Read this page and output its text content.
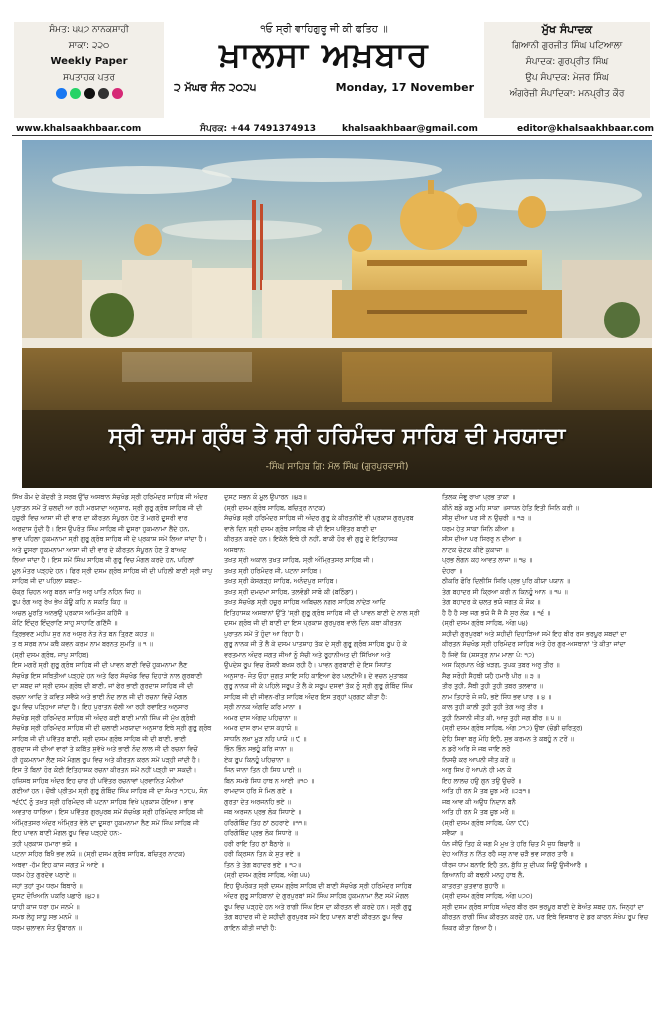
ਸੰਮਤ: ੫੫੭ ਨਾਨਕਸ਼ਾਹੀ
ਸਾਕਾ: ੨੨੦
Weekly Paper
ਸਪਤਾਹਕ ਪਤਰ
੧ਓ ਸ੍ਰੀ ਵਾਹਿਗੁਰੂ ਜੀ ਕੀ ਫਤਿਹ ॥
ਖ਼ਾਲਸਾ ਅਖ਼ਬਾਰ
੨ ਮੱਘਰ ਸੰਨ ੨੦੨੫	Monday, 17 November
ਮੁੱਖ ਸੰਪਾਦਕ
ਗਿਆਨੀ ਗੁਰਜੀਤ ਸਿੰਘ ਪਟਿਆਲਾ
ਸੰਪਾਦਕ: ਗੁਰਪ੍ਰੀਤ ਸਿੰਘ
ਉਪ ਸੰਪਾਦਕ: ਮੇਜਰ ਸਿੰਘ
ਅੰਗਰੇਜ਼ੀ ਸੰਪਾਦਿਕਾ: ਮਨਪ੍ਰੀਤ ਕੌਰ
www.khalsaakhbaar.com	ਸੰਪਰਕ: +44 7491374913	khalsaakhbaar@gmail.com	editor@khalsaakhbaar.com
ਸ੍ਰੀ ਦਸਮ ਗ੍ਰੰਥ ਤੇ ਸ੍ਰੀ ਹਰਿਮੰਦਰ ਸਾਹਿਬ ਦੀ ਮਰਯਾਦਾ
-ਸਿੰਘ ਸਾਹਿਬ ਗਿ: ਮੱਲ ਸਿੰਘ (ਗੁਰਪੁਰਵਾਸੀ)

ਸਿੱਖ ਕੌਮ ਦੇ ਕੇਂਦਰੀ ਤੇ ਸਰਬ ਉੱਚ ਅਸਥਾਨ ਸੱਚਖੰਡ ਸ੍ਰੀ ਹਰਿਮੰਦਰ ਸਾਹਿਬ ਜੀ ਅੰਦਰ

ਪੁਰਾਤਨ ਸਮੇਂ ਤੋਂ ਚਲਦੀ ਆ ਰਹੀ ਮਰਯਾਦਾ ਅਨੁਸਾਰ, ਸ੍ਰੀ ਗੁਰੂ ਗ੍ਰੰਥ ਸਾਹਿਬ ਜੀ ਦੀ

ਹਜ਼ੂਰੀ ਵਿਚ ਆਸਾ ਜੀ ਦੀ ਵਾਰ ਦਾ ਕੀਰਤਨ ਸੰਪੂਰਨ ਹੋਣ ਤੋਂ ਮਗਰੋਂ ਦੂਸਰੀ ਵਾਰ

ਅਰਦਾਸ ਹੁੰਦੀ ਹੈ। ਇਸ ਉਪਰੰਤ ਸਿੰਘ ਸਾਹਿਬ ਜੀ ਦੂਸਰਾ ਹੁਕਮਨਾਮਾ ਲੈਂਦੇ ਹਨ,

ਭਾਵ ਪਹਿਲਾ ਹੁਕਮਨਾਮਾ ਸ੍ਰੀ ਗੁਰੂ ਗ੍ਰੰਥ ਸਾਹਿਬ ਜੀ ਦੇ ਪ੍ਰਕਾਸ਼ ਸਮੇਂ ਲਿਆ ਜਾਂਦਾ ਹੈ।

ਅਤੇ ਦੂਸਰਾ ਹੁਕਮਨਾਮਾ ਆਸਾ ਜੀ ਦੀ ਵਾਰ ਦੇ ਕੀਰਤਨ ਸੰਪੂਰਨ ਹੋਣ ਤੋਂ ਬਾਅਦ

ਲਿਆ ਜਾਂਦਾ ਹੈ। ਇਸ ਸਮੇਂ ਸਿੰਘ ਸਾਹਿਬ ਜੀ ਗੁਰੂ ਵਿਚ ਮੰਗਲ ਕਰਦੇ ਹਨ, ਪਹਿਲਾਂ

ਮੂਲ ਮੰਤਰ ਪੜ੍ਹਦੇ ਹਨ। ਫਿਰ ਸ੍ਰੀ ਦਸਮ ਗ੍ਰੰਥ ਸਾਹਿਬ ਜੀ ਦੀ ਪਹਿਲੀ ਬਾਣੀ ਸ੍ਰੀ ਜਾਪੁ

ਸਾਹਿਬ ਜੀ ਦਾ ਪਹਿਲਾ ਸ਼ਬਦ:-

ਚੱਕ੍ਰ ਚਿਹਨ ਅਰੁ ਬਰਨ ਜਾਤਿ ਅਰੁ ਪਾਤਿ ਨਹਿਨ ਜਿਹ ॥

ਰੂਪ ਰੰਗ ਅਰੁ ਰੇਖ ਭੇਖ ਕੋਊ ਕਹਿ ਨ ਸਕਤਿ ਕਿਹ ॥

ਅਚਲ ਮੂਰਤਿ ਅਨਭਉ ਪ੍ਰਕਾਸ ਅਮਿਤੋਜ ਕਹਿੱਜੈ ॥

ਕੋਟਿ ਇੰਦ੍ਰ ਇੰਦ੍ਰਾਣਿ ਸਾਹੁ ਸਾਹਾਣਿ ਗਣਿੱਜੈ ॥

ਤ੍ਰਿਭਵਣ ਮਹੀਪ ਸੁਰ ਨਰ ਅਸੁਰ ਨੇਤ ਨੇਤ ਬਨ ਤ੍ਰਿਣ ਕਹਤ ॥

ਤ ਥ ਸਰਬ ਨਾਮ ਕਥੈ ਕਵਨ ਕਰਮ ਨਾਮ ਬਰਨਤ ਸੁਮਤਿ ॥ ੧ ॥

(ਸ੍ਰੀ ਦਸਮ ਗ੍ਰੰਥ, ਜਾਪੁ ਸਾਹਿਬ)

ਇਸ ਮਗਰੋਂ ਸ੍ਰੀ ਗੁਰੂ ਗ੍ਰੰਥ ਸਾਹਿਬ ਜੀ ਦੀ ਪਾਵਨ ਬਾਣੀ ਵਿਚੋਂ ਹੁਕਮਨਾਮਾ ਲੈਣ

ਸੱਚਖੰਡ ਇਸ ਸਥਿਤੀਆਂ ਪੜ੍ਹਦੇ ਹਨ ਅਤੇ ਫਿਰ ਸੱਚਖੰਡ ਵਿਚ ਦਿਹਾੜੇ ਨਾਲ ਗੁਰਬਾਣੀ

ਦਾ ਸ਼ਬਦ ਜਾਂ ਸ੍ਰੀ ਦਸਮ ਗ੍ਰੰਥ ਦੀ ਬਾਣੀ, ਜਾਂ ਫੇਰ ਭਾਈ ਗੁਰਦਾਸ ਸਾਹਿਬ ਜੀ ਦੀ

ਰਚਨਾ ਆਦਿ ਤੇ ਕਵਿਤ ਸਵੈਯੇ ਅਤੇ ਭਾਈ ਨੰਦ ਲਾਲ ਜੀ ਦੀ ਰਚਨਾ ਵਿਚੋਂ ਮੰਗਲ

ਰੂਪ ਵਿਚ ਪੜ੍ਹਿਆ ਜਾਂਦਾ ਹੈ। ਇਹ ਪੁਰਾਤਨ ਚੱਲੀ ਆ ਰਹੀ ਰਵਾਇਤ ਅਨੁਸਾਰ

ਸੱਚਖੰਡ ਸ੍ਰੀ ਹਰਿਮੰਦਰ ਸਾਹਿਬ ਜੀ ਅੰਦਰ ਕਈ ਬਾਣੀ ਮਾਨੀ ਸਿੰਘ ਜੀ ਮੁੱਖ ਗ੍ਰੰਥੀ

ਸੱਚਖੰਡ ਸ੍ਰੀ ਹਰਿਮੰਦਰ ਸਾਹਿਬ ਜੀ ਦੀ ਚਲਾਈ ਮਰਯਾਦਾ ਅਨੁਸਾਰ ਇਥੇ ਸ੍ਰੀ ਗੁਰੂ ਗ੍ਰੰਥ

ਸਾਹਿਬ ਜੀ ਦੀ ਪਵਿੱਤਰ ਬਾਣੀ, ਸ੍ਰੀ ਦਸਮ ਗ੍ਰੰਥ ਸਾਹਿਬ ਜੀ ਦੀ ਬਾਣੀ, ਭਾਈ

ਗੁਰਦਾਸ ਜੀ ਦੀਆਂ ਵਾਰਾਂ ਤੇ ਕਬਿੱਤ ਸੁਵੱਖੇ ਅਤੇ ਭਾਈ ਨੰਦ ਲਾਲ ਜੀ ਦੀ ਰਚਨਾ ਵਿਚੋਂ

ਹੀ ਹੁਕਮਨਾਮਾ ਲੈਣ ਸਮੇਂ ਮੰਗਲ ਰੂਪ ਵਿਚ ਅਤੇ ਕੀਰਤਨ ਕਰਨ ਸਮੇਂ ਪੜ੍ਹੀ ਜਾਂਦੀ ਹੈ।

ਇਸ ਤੋਂ ਬਿਨਾਂ ਹੋਰ ਕੋਈ ਇਤਿਹਾਸਕ ਰਚਨਾ ਕੀਰਤਨ ਸਮੇਂ ਨਹੀਂ ਪੜ੍ਹੀ ਜਾ ਸਕਦੀ।

ਹਜ਼ਿਸਥ ਸਾਹਿਬ ਅੰਦਰ ਇਹ ਚਾਰ ਹੀ ਪਵਿੱਤਰ ਰਚਨਾਵਾਂ ਪ੍ਰਵਾਨਿਤ ਮੰਨੀਆਂ

ਗਈਆਂ ਹਨ। ਚੌਥੀ ਪ੍ਰੀਤਮ ਸ੍ਰੀ ਗੁਰੂ ਗੋਬਿੰਦ ਸਿੰਘ ਸਾਹਿਬ ਜੀ ਦਾ ਸੰਮਤ ੧੭੮੫, ਸੰਨ

੧੬੯੯ ਨੂੰ ਤਖ਼ਤ ਸ੍ਰੀ ਹਰਿਮੰਦਰ ਜੀ ਪਟਨਾ ਸਾਹਿਬ ਵਿਖੇ ਪ੍ਰਕਾਸ਼ ਹੋਇਆ। ਭਾਵ

ਅਵਤਾਰ ਧਾਰਿਆ। ਇਸ ਪਵਿੱਤਰ ਗੁਰਪੁਰਬ ਸਮੇਂ ਸੱਚਖੰਡ ਸ੍ਰੀ ਹਰਿਮੰਦਰ ਸਾਹਿਬ ਜੀ

ਅੰਮ੍ਰਿਤਸਰ ਅੰਦਰ ਅੰਮ੍ਰਿਤ ਵੇਲੇ ਦਾ ਦੂਸਰਾ ਹੁਕਮਨਾਮਾ ਲੈਣ ਸਮੇਂ ਸਿੰਘ ਸਾਹਿਬ ਜੀ

ਇਹ ਪਾਵਨ ਬਾਣੀ ਮੰਗਲ ਰੂਪ ਵਿਚ ਪੜ੍ਹਦੇ ਹਨ:-

ਤਹੀ ਪ੍ਰਕਾਸ ਹਮਾਰਾ ਭਯੋ ॥

ਪਟਨਾ ਸਹਿਰ ਬਿਖੈ ਭਵ ਲਯੋ ॥ (ਸ੍ਰੀ ਦਸਮ ਗ੍ਰੰਥ ਸਾਹਿਬ, ਬਚਿਤ੍ਰ ਨਾਟਕ)

ਅਥਵਾ -ਹੱਮ ਇਹ ਕਾਜ ਜਗਤ ਮੋ ਆਏ ॥

ਧਰਮ ਹੇਤ ਗੁਰਦੇਵ ਪਠਾਏ ॥

ਜਹਾਂ ਤਹਾਂ ਤੁਮ ਧਰਮ ਬਿਥਾਰੋ ॥

ਦੁਸਟ ਦੋਖਿਅਨਿ ਪਕਰਿ ਪਛਾਰੋ ॥੪੨॥

ਯਾਹੀ ਕਾਜ ਧਰਾ ਹਮ ਜਨਮੰ ॥

ਸਮਝ ਲੇਹੁ ਸਾਧੂ ਸਭ ਮਨਮੰ ॥

ਧਰਮ ਚਲਾਵਨ ਸੰਤ ਉਬਾਰਨ ॥

ਦੁਸਟ ਸਭਨ ਕੋ ਮੂਲ ਉਪਾਰਨ ॥੪੩॥

(ਸ੍ਰੀ ਦਸਮ ਗ੍ਰੰਥ ਸਾਹਿਬ, ਬਚਿਤ੍ਰ ਨਾਟਕ)

ਸੱਚਖੰਡ ਸ੍ਰੀ ਹਰਿਮੰਦਰ ਸਾਹਿਬ ਜੀ ਅੰਦਰ ਗੁਰੂ ਕੇ ਕੀਰਤਨੀਏ ਵੀ ਪ੍ਰਕਾਸ਼ ਗੁਰਪੁਰਬ

ਵਾਲੇ ਦਿਨ ਸ੍ਰੀ ਦਸਮ ਗ੍ਰੰਥ ਸਾਹਿਬ ਜੀ ਦੀ ਇਸ ਪਵਿੱਤਰ ਬਾਣੀ ਦਾ

ਕੀਰਤਨ ਕਰਦੇ ਹਨ। ਇਕੱਲੇ ਇਥੇ ਹੀ ਨਹੀਂ, ਬਾਕੀ ਹੋਰ ਵੀ ਗੁਰੂ ਦੇ ਇਤਿਹਾਸਕ

ਅਸਥਾਨ:

ਤਖ਼ਤ ਸ੍ਰੀ ਅਕਾਲ ਤਖ਼ਤ ਸਾਹਿਬ, ਸ੍ਰੀ ਅੰਮ੍ਰਿਤਸਰ ਸਾਹਿਬ ਜੀ।

ਤਖ਼ਤ ਸ੍ਰੀ ਹਰਿਮੰਦਰ ਜੀ, ਪਟਨਾ ਸਾਹਿਬ।

ਤਖ਼ਤ ਸ੍ਰੀ ਕੇਸਗੜ੍ਹ ਸਾਹਿਬ, ਅਨੰਦਪੁਰ ਸਾਹਿਬ।

ਤਖ਼ਤ ਸ੍ਰੀ ਦਮਦਮਾ ਸਾਹਿਬ, ਤਲਵੰਡੀ ਸਾਬੋ ਕੀ (ਬਠਿੰਡਾ)।

ਤਖ਼ਤ ਸੱਚਖੰਡ ਸ੍ਰੀ ਹਜ਼ੂਰ ਸਾਹਿਬ ਅਬਿਚਲ ਨਗਰ ਸਾਹਿਬ ਨਾਂਦੇੜ ਆਦਿ

ਇਤਿਹਾਸਕ ਅਸਥਾਨਾਂ ਉੱਤੇ 'ਸ੍ਰੀ ਗੁਰੂ ਗ੍ਰੰਥ ਸਾਹਿਬ ਜੀ ਦੀ ਪਾਵਨ ਬਾਣੀ ਦੇ ਨਾਲ ਸ੍ਰੀ

ਦਸਮ ਗ੍ਰੰਥ ਜੀ ਦੀ ਬਾਣੀ ਦਾ ਇਸ ਪ੍ਰਕਾਸ਼ ਗੁਰਪੁਰਬ ਵਾਲੇ ਦਿਨ ਕਥਾ ਕੀਰਤਨ

ਪੁਰਾਤਨ ਸਮੇਂ ਤੋਂ ਹੁੰਦਾ ਆ ਰਿਹਾ ਹੈ।

ਗੁਰੂ ਨਾਨਕ ਜੀ ਤੋਂ ਲੈ ਕੇ ਦਸਮ ਪਾਤਸ਼ਾਹ ਤੱਕ ਦੇ ਸ੍ਰੀ ਗੁਰੂ ਗ੍ਰੰਥ ਸਾਹਿਬ ਰੂਪ ਹੋ ਕੇ

ਵਰਤਮਾਨ ਅੰਦਰ ਜਗਤ ਜੀਆਂ ਨੂੰ ਸੱਚੀ ਅਤੇ ਰੂਹਾਨੀਅਤ ਦੀ ਸਿੱਖਿਆ ਅਤੇ

ਉਪਦੇਸ਼ ਰੂਪ ਵਿਚ ਰੋਸ਼ਨੀ ਬਖਸ਼ ਰਹੀ ਹੈ। ਪਾਵਨ ਗੁਰਬਾਣੀ ਦੇ ਇਸ ਸਿਧਾਂਤ

ਅਨੁਸਾਰ- ਜੋਤ ਓਹਾ ਜੁਗਤ ਸਾਇ ਸਹਿ ਕਾਇਆ ਫੇਰ ਪਲਟੀਐ॥ ਦੇ ਵਚਨ ਮੁਤਾਬਕ

ਗੁਰੂ ਨਾਨਕ ਜੀ ਕੇ ਪਹਿਲੇ ਸਰੂਪ ਤੋਂ ਲੈ ਕੇ ਸਰੂਪ ਦਸਵਾਂ ਤੱਕ ਨੂੰ ਸ੍ਰੀ ਗੁਰੂ ਗੋਬਿੰਦ ਸਿੰਘ

ਸਾਹਿਬ ਜੀ ਦੀ ਜੀਵਨ-ਰੀਤ ਸਾਹਿਬ ਅੰਦਰ ਇਸ ਤਰ੍ਹਾਂ ਪ੍ਰਗਟ ਕੀਤਾ ਹੈ:

ਸ੍ਰੀ ਨਾਨਕ ਅੰਗਦਿ ਕਰਿ ਮਾਨਾ ॥

ਅਮਰ ਦਾਸ ਅੰਗਦ ਪਹਿਚਾਨਾ ॥

ਅਮਰ ਦਾਸ ਰਾਮ ਦਾਸ ਕਹਾਯੋ ॥

ਸਾਧਨਿ ਲਖਾ ਮੂੜ ਨਹਿ ਪਾਯੋ ॥ ੯ ॥

ਭਿੰਨ ਭਿੰਨ ਸਭਹੂੰ ਕਰਿ ਜਾਨਾ ॥

ਏਕ ਰੂਪ ਕਿਨਹੂੰ ਪਹਿਚਾਨਾ ॥

ਜਿਨ ਜਾਨਾ ਤਿਨ ਹੀ ਸਿਧ ਪਾਈ ॥

ਬਿਨ ਸਮਝੇ ਸਿਧ ਹਾਥ ਨ ਆਈ ॥੧੦ ॥

ਰਾਮਦਾਸ ਹਰਿ ਸੋ ਮਿਲ ਗਏ ॥

ਗੁਰਤਾ ਦੇਤ ਅਰਜਨਹਿ ਭਏ ॥

ਜਬ ਅਰਜਨ ਪ੍ਰਭ ਲੋਕ ਸਿਧਾਏ ॥

ਹਰਿਗੋਬਿੰਦ ਤਿਹ ਠਾਂ ਠਹਰਾਏ ॥੧੧॥

ਹਰਿਗੋਬਿੰਦ ਪ੍ਰਭ ਲੋਕ ਸਿਧਾਰੇ ॥

ਹਰੀ ਰਾਇ ਤਿਹ ਠਾਂ ਬੈਠਾਰੇ ॥

ਹਰੀ ਕ੍ਰਿਸਨ ਤਿਨ ਕੇ ਸੁਤ ਵਏ ॥

ਤਿਨ ਤੇ ਤੇਗ ਬਹਾਦਰ ਭਏ ॥ ੧੨॥

(ਸ੍ਰੀ ਦਸਮ ਗ੍ਰੰਥ ਸਾਹਿਬ, ਅੰਗ ੫੫)

ਇਹ ਉਪਰੋਕਤ ਸ੍ਰੀ ਦਸਮ ਗ੍ਰੰਥ ਸਾਹਿਬ ਦੀ ਬਾਣੀ ਸੱਚਖੰਡ ਸ੍ਰੀ ਹਰਿਮੰਦਰ ਸਾਹਿਬ

ਅੰਦਰ ਗੁਰੂ ਸਾਹਿਬਾਨਾਂ ਦੇ ਗੁਰਪੁਰਬਾਂ ਸਮੇਂ ਸਿੰਘ ਸਾਹਿਬ ਹੁਕਮਨਾਮਾ ਲੈਣ ਸਮੇਂ ਮੰਗਲ

ਰੂਪ ਵਿਚ ਪੜ੍ਹਦੇ ਹਨ ਅਤੇ ਰਾਗੀ ਸਿੰਘ ਇਸ ਦਾ ਕੀਰਤਨ ਵੀ ਕਰਦੇ ਹਨ। ਸ੍ਰੀ ਗੁਰੂ

ਤੇਗ ਬਹਾਦਰ ਜੀ ਦੇ ਸ਼ਹੀਦੀ ਗੁਰਪੁਰਬ ਸਮੇਂ ਇਹ ਪਾਵਨ ਬਾਣੀ ਕੀਰਤਨ ਰੂਪ ਵਿਚ

ਗਾਇਨ ਕੀਤੀ ਜਾਂਦੀ ਹੈ:

ਤਿਲਕ ਜੰਞੂ ਰਾਖਾ ਪ੍ਰਭ ਤਾਕਾ ॥

ਕੀਨੋ ਬਡੋ ਕਲੂ ਮਹਿ ਸਾਕਾ ॥ਸਾਧਨ ਹੇਤਿ ਇਤੀ ਜਿਨਿ ਕਰੀ ॥

ਸੀਸੁ ਦੀਆ ਪਰ ਸੀ ਨ ਉਚਰੀ ॥ ੧੩ ॥

ਧਰਮ ਹੇਤ ਸਾਕਾ ਜਿਨਿ ਕੀਆ ॥

ਸੀਸ ਦੀਆ ਪਰ ਸਿਰਰੁ ਨ ਦੀਆ ॥

ਨਾਟਕ ਚੇਟਕ ਕੀਏ ਕੁਕਾਜਾ ॥

ਪ੍ਰਭ ਲੋਗਨ ਕਹ ਆਵਤ ਲਾਜਾ ॥ ੧੪ ॥

ਦੋਹਰਾ ॥

ਠੀਕਰਿ ਫੋਰਿ ਦਿਲੀਸਿ ਸਿਰਿ ਪ੍ਰਭ ਪੁਰਿ ਕੀਯਾ ਪਯਾਨ ॥

ਤੇਗ ਬਹਾਦਰ ਸੀ ਕ੍ਰਿਆ ਕਰੀ ਨ ਕਿਨਹੂੰ ਆਨ ॥ ੧੫ ॥

ਤੇਗ ਬਹਾਦਰ ਕੇ ਚਲਤ ਭਯੋ ਜਗਤ ਕੋ ਸੋਕ ॥

ਹੈ ਹੈ ਹੈ ਸਭ ਜਗ ਭਯੋ ਜੈ ਜੈ ਜੈ ਸੁਰ ਲੋਕ ॥ ੧੬ ॥

(ਸ੍ਰੀ ਦਸਮ ਗ੍ਰੰਥ ਸਾਹਿਬ, ਅੰਗ ੫੪)

ਸ਼ਹੀਦੀ ਗੁਰਪੁਰਬਾਂ ਅਤੇ ਸ਼ਹੀਦੀ ਦਿਹਾੜਿਆਂ ਸਮੇਂ ਇਹ ਬੀਰ ਰਸ ਭਰਪੂਰ ਸ਼ਬਦਾਂ ਦਾ

ਕੀਰਤਨ ਸੱਚਖੰਡ ਸ੍ਰੀ ਹਰਿਮੰਦਰ ਸਾਹਿਬ ਅਤੇ ਹੋਰ ਗੁਰ-ਅਸਥਾਨਾਂ 'ਤੇ ਕੀਤਾ ਜਾਂਦਾ

ਹੈ ਜਿਵੇਂ ਕਿ (ਸ਼ਸਤ੍ਰ ਨਾਮ ਮਾਲਾ ਪੰ: ੧੭)

ਅਸ ਕ੍ਰਿਪਾਨ ਖੰਡੋ ਖੜਗ, ਤੁਪਕ ਤਬਰ ਅਰੁ ਤੀਰ ॥

ਸੈਫ ਸਰੋਹੀ ਸੈਹਥੀ ਯਹੈ ਹਮਾਰੈ ਪੀਰ ॥ ੩ ॥

ਤੀਰ ਤੁਹੀ, ਸੈਥੀ ਤੁਹੀ ਤੁਹੀ ਤਬਰ ਤਲਵਾਰ ॥

ਨਾਮ ਤਿਹਾਰੋ ਜੋ ਜਪੈ, ਭਏ ਸਿੰਧ ਭਵ ਪਾਰ ॥ ੪ ॥

ਕਾਲ ਤੁਹੀ ਕਾਲੀ ਤੁਹੀ ਤੁਹੀ ਤੇਗ ਅਰੁ ਤੀਰ ॥

ਤੁਹੀ ਨਿਸਾਨੀ ਜੀਤ ਕੀ, ਆਜੁ ਤੁਹੀ ਜਗ ਬੀਰ ॥ ੫ ॥

(ਸ੍ਰੀ ਦਸਮ ਗ੍ਰੰਥ ਸਾਹਿਬ, ਅੰਗ ੭੧੭) ਉਥਾ (ਚੰਡੀ ਚਰਿਤ੍ਰ)

ਦੇਹਿ ਸਿਵਾ ਬਰੁ ਮੋਹਿ ਇਹੈ, ਸੁਭ ਕਰਮਨ ਤੇ ਕਬਹੂੰ ਨ ਟਰੋਂ ॥

ਨ ਡਰੋਂ ਅਰਿ ਸੋ ਜਬ ਜਾਇ ਲਰੋਂ

ਨਿਸਚੈ ਕਰ ਆਪਨੀ ਜੀਤ ਕਰੋਂ ॥

ਅਰੁ ਸਿਖ ਹੋਂ ਆਪਨੇ ਹੀ ਮਨ ਕੋ

ਇਹ ਲਾਲਚ ਹਉ ਗੁਨ ਤਉ ਉਚਰੋਂ ॥

ਅਤਿ ਹੀ ਰਨ ਮੈ ਤਬ ਜੂਝ ਮਰੋਂ ॥੨੩੧॥

ਜਬ ਆਵ ਕੀ ਅਉਧ ਨਿਦਾਨ ਬਨੈ

ਅਤਿ ਹੀ ਰਨ ਮੈ ਤਬ ਜੂਝ ਮਰੋਂ ॥

(ਸ੍ਰੀ ਦਸਮ ਗ੍ਰੰਥ ਸਾਹਿਬ, ਪੰਨਾ ੯੯)

ਸਵੈਯਾ ॥

ਧੰਨ ਜੀਓ ਤਿਹ ਕੋ ਜਗ ਮੈ ਮੁਖ ਤੇ ਹਰਿ ਚਿਤ ਮੈ ਜੁਧ ਬਿਚਾਰੈ ॥

ਦੇਹ ਅਨਿੱਤ ਨ ਨਿੱਤ ਰਹੈ ਜਸੁ ਨਾਵ ਚੜੈ ਭਵ ਸਾਗਰ ਤਾਰੈ ॥

ਧੀਰਜ ਧਾਮ ਬਨਾਇ ਇਹੈ ਤਨ, ਬੁੱਧਿ ਸੁ ਦੀਪਕ ਜਿਉਂ ਉਜੀਆਰੈ ॥

ਗਿਆਨਹਿ ਕੀ ਬਢਨੀ ਮਨਹੁ ਹਾਥ ਲੈ,

ਕਾਤਰਤਾ ਕੁਤਵਾਰ ਬੁਹਾਰੈ ॥

(ਸ੍ਰੀ ਦਸਮ ਗ੍ਰੰਥ ਸਾਹਿਬ, ਅੰਗ ੫੭੦)

ਸ੍ਰੀ ਦਸਮ ਗ੍ਰੰਥ ਸਾਹਿਬ ਅੰਦਰ ਬੀਰ ਰਸ ਭਰਪੂਰ ਬਾਣੀ ਦੇ ਬੇਅੰਤ ਸ਼ਬਦ ਹਨ, ਜਿਨ੍ਹਾਂ ਦਾ

ਕੀਰਤਨ ਰਾਗੀ ਸਿੰਘ ਕੀਰਤਨ ਕਰਦੇ ਹਨ, ਪਰ ਇਥੇ ਵਿਸਥਾਰ ਦੇ ਡਰ ਕਾਰਨ ਸੰਖੇਪ ਰੂਪ ਵਿਚ

ਜ਼ਿਕਰ ਕੀਤਾ ਗਿਆ ਹੈ।
